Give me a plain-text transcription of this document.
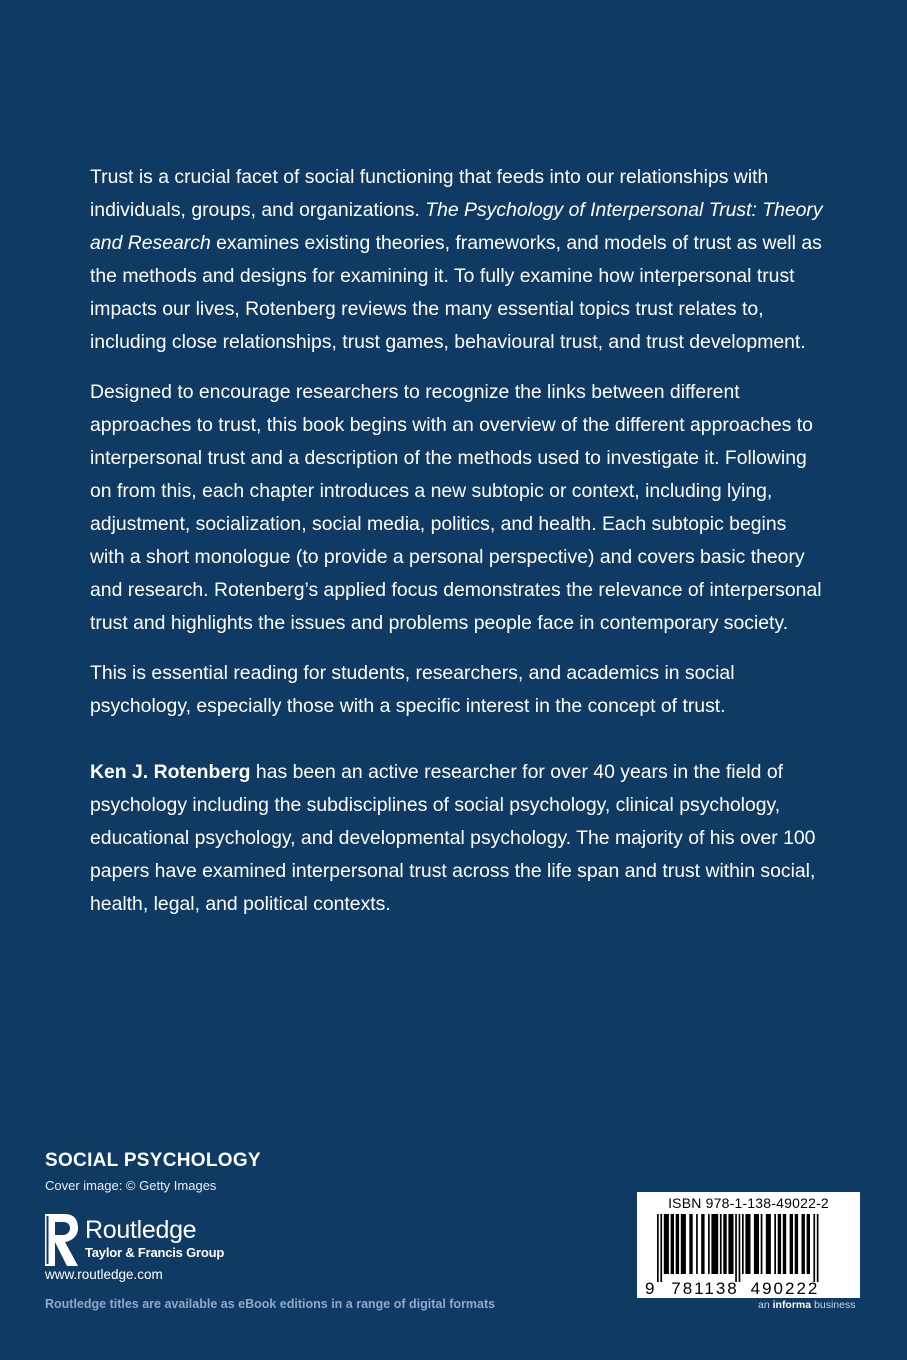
Trust is a crucial facet of social functioning that feeds into our relationships with individuals, groups, and organizations. The Psychology of Interpersonal Trust: Theory and Research examines existing theories, frameworks, and models of trust as well as the methods and designs for examining it. To fully examine how interpersonal trust impacts our lives, Rotenberg reviews the many essential topics trust relates to, including close relationships, trust games, behavioural trust, and trust development.

Designed to encourage researchers to recognize the links between different approaches to trust, this book begins with an overview of the different approaches to interpersonal trust and a description of the methods used to investigate it. Following on from this, each chapter introduces a new subtopic or context, including lying, adjustment, socialization, social media, politics, and health. Each subtopic begins with a short monologue (to provide a personal perspective) and covers basic theory and research. Rotenberg’s applied focus demonstrates the relevance of interpersonal trust and highlights the issues and problems people face in contemporary society.

This is essential reading for students, researchers, and academics in social psychology, especially those with a specific interest in the concept of trust.

Ken J. Rotenberg has been an active researcher for over 40 years in the field of psychology including the subdisciplines of social psychology, clinical psychology, educational psychology, and developmental psychology. The majority of his over 100 papers have examined interpersonal trust across the life span and trust within social, health, legal, and political contexts.

SOCIAL PSYCHOLOGY
Cover image: © Getty Images
Routledge
Taylor & Francis Group
www.routledge.com
Routledge titles are available as eBook editions in a range of digital formats
ISBN 978-1-138-49022-2
9 781138 490222
an informa business
